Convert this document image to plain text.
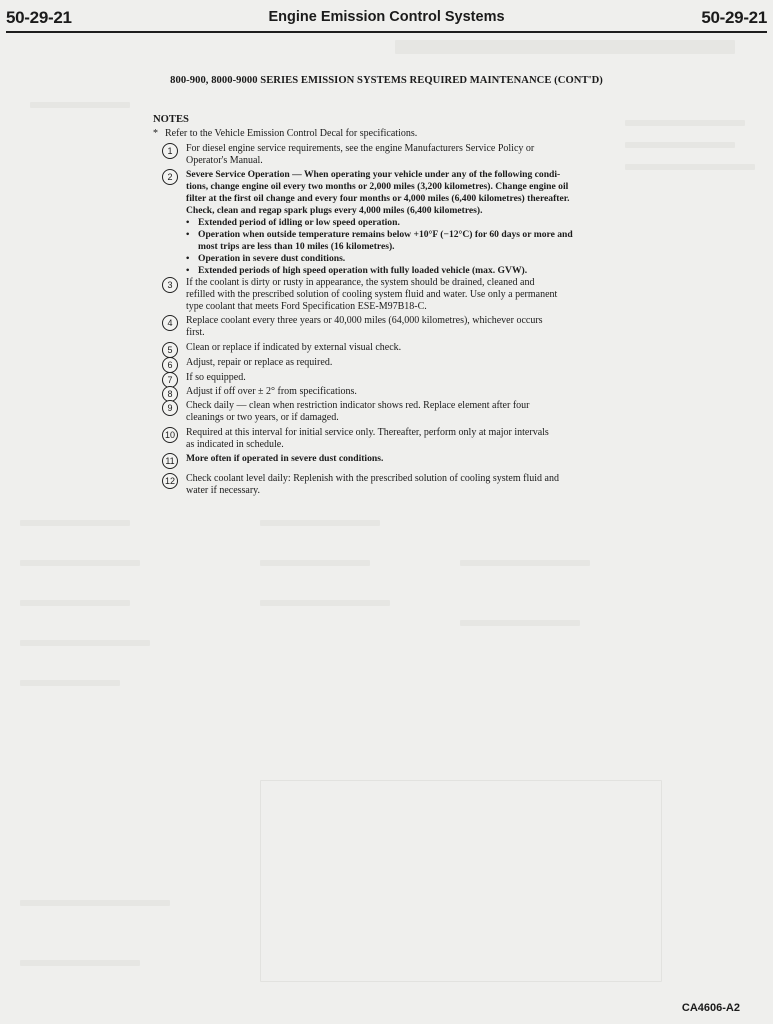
50-29-21	Engine Emission Control Systems	50-29-21
800-900, 8000-9000 SERIES EMISSION SYSTEMS REQUIRED MAINTENANCE (CONT'D)
NOTES
* Refer to the Vehicle Emission Control Decal for specifications.
1	For diesel engine service requirements, see the engine Manufacturers Service Policy or
Operator's Manual.
2	Severe Service Operation — When operating your vehicle under any of the following condi-
tions, change engine oil every two months or 2,000 miles (3,200 kilometres). Change engine oil
filter at the first oil change and every four months or 4,000 miles (6,400 kilometres) thereafter.
Check, clean and regap spark plugs every 4,000 miles (6,400 kilometres).
• Extended period of idling or low speed operation.
• Operation when outside temperature remains below +10°F (−12°C) for 60 days or more and
most trips are less than 10 miles (16 kilometres).
• Operation in severe dust conditions.
• Extended periods of high speed operation with fully loaded vehicle (max. GVW).
3	If the coolant is dirty or rusty in appearance, the system should be drained, cleaned and
refilled with the prescribed solution of cooling system fluid and water. Use only a permanent
type coolant that meets Ford Specification ESE-M97B18-C.
4	Replace coolant every three years or 40,000 miles (64,000 kilometres), whichever occurs
first.
5	Clean or replace if indicated by external visual check.
6	Adjust, repair or replace as required.
7	If so equipped.
8	Adjust if off over ± 2° from specifications.
9	Check daily — clean when restriction indicator shows red. Replace element after four
cleanings or two years, or if damaged.
10	Required at this interval for initial service only. Thereafter, perform only at major intervals
as indicated in schedule.
11	More often if operated in severe dust conditions.
12	Check coolant level daily: Replenish with the prescribed solution of cooling system fluid and
water if necessary.
CA4606-A2
